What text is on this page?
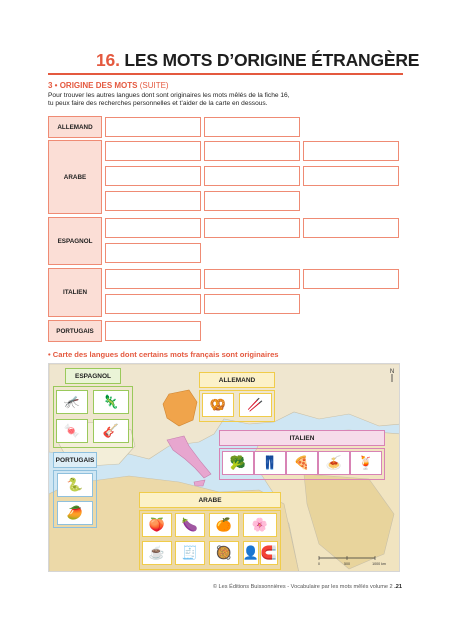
16. LES MOTS D’ORIGINE ÉTRANGÈRE
3 • ORIGINE DES MOTS (SUITE)
Pour trouver les autres langues dont sont originaires les mots mêlés de la fiche 16,
tu peux faire des recherches personnelles et t’aider de la carte en dessous.
ALLEMAND
ARABE
ESPAGNOL
ITALIEN
PORTUGAIS
• Carte des langues dont certains mots français sont originaires
N
0	500	1000 km
ESPAGNOL
🦟	🦎
🍬	🎸
ALLEMAND
🥨	🥢
ITALIEN
🥦	👖	🍕	🍝	🍹
PORTUGAIS
🐍
🥭
ARABE
🍑	🍆	🍊	🌸
☕	🧾	🥘 👤 🧲
© Les Éditions Buissonnières - Vocabulaire par les mots mêlés volume 2 .21
